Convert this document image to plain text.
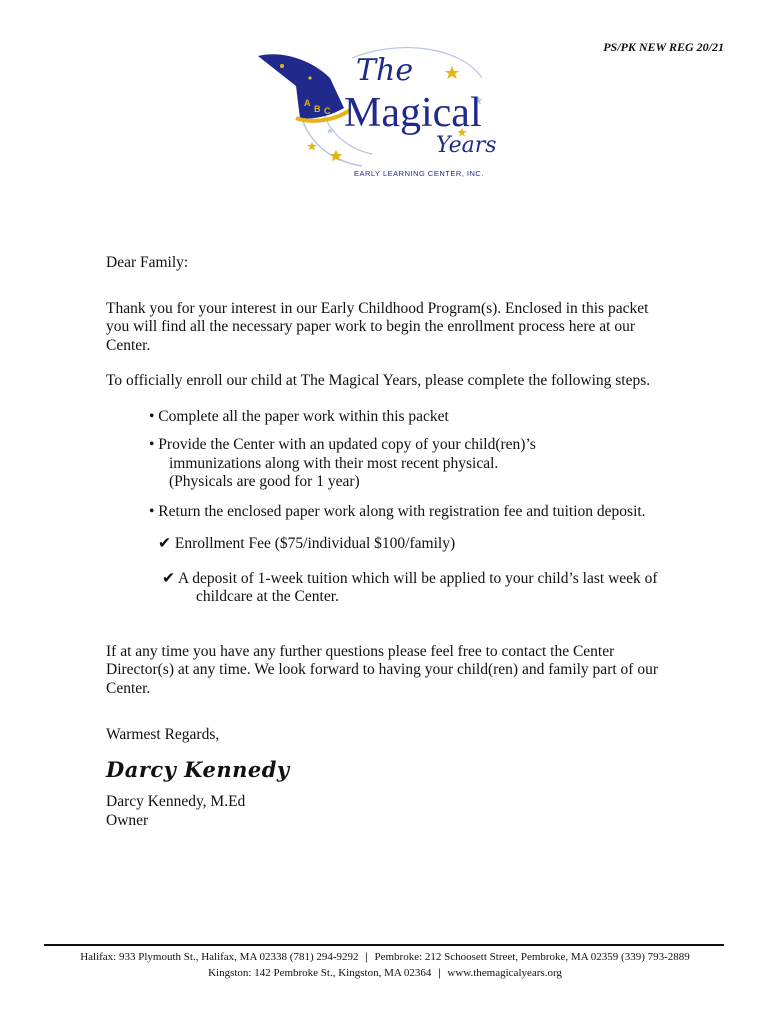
PS/PK NEW REG 20/21
A
B C
The
Magical
Years
EARLY LEARNING CENTER, INC.

Dear Family:

Thank you for your interest in our Early Childhood Program(s). Enclosed in this packet you will find all the necessary paper work to begin the enrollment process here at our Center.

To officially enroll our child at The Magical Years, please complete the following steps.

• Complete all the paper work within this packet
• Provide the Center with an updated copy of your child(ren)’s
immunizations along with their most recent physical.
(Physicals are good for 1 year)
• Return the enclosed paper work along with registration fee and tuition deposit.
✔ Enrollment Fee ($75/individual $100/family)
✔ A deposit of 1-week tuition which will be applied to your child’s last week of
childcare at the Center.

If at any time you have any further questions please feel free to contact the Center Director(s) at any time. We look forward to having your child(ren) and family part of our Center.

Warmest Regards,

Darcy Kennedy

Darcy Kennedy, M.Ed

Owner

Halifax: 933 Plymouth St., Halifax, MA 02338 (781) 294-9292 | Pembroke: 212 Schoosett Street, Pembroke, MA 02359 (339) 793-2889
Kingston: 142 Pembroke St., Kingston, MA 02364 | www.themagicalyears.org
